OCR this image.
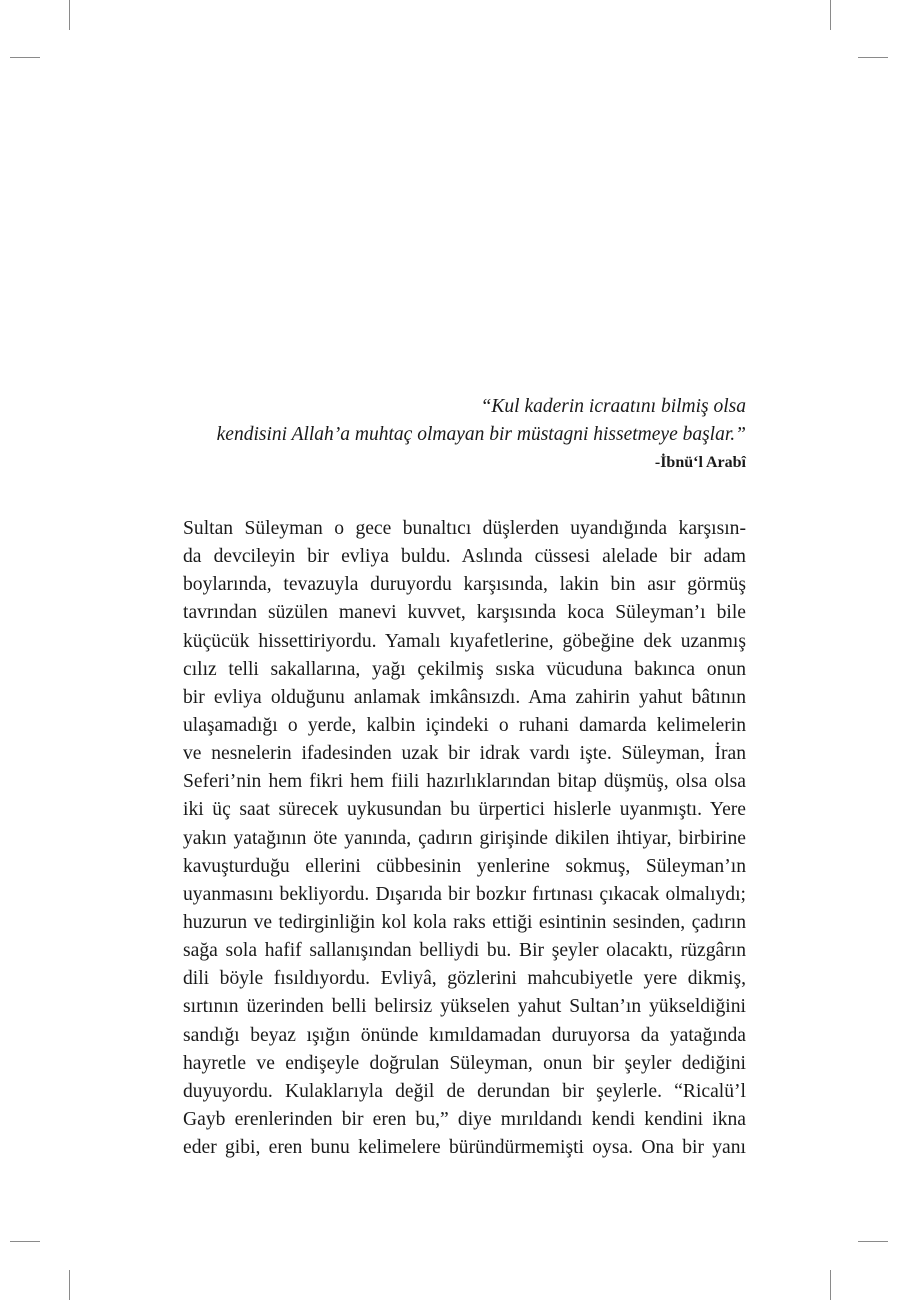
“Kul kaderin icraatını bilmiş olsa
kendisini Allah’a muhtaç olmayan bir müstagni hissetmeye başlar.”
-İbnü‘l Arabî
Sultan Süleyman o gece bunaltıcı düşlerden uyandığında karşısın-
da devcileyin bir evliya buldu. Aslında cüssesi alelade bir adam
boylarında, tevazuyla duruyordu karşısında, lakin bin asır görmüş
tavrından süzülen manevi kuvvet, karşısında koca Süleyman’ı bile
küçücük hissettiriyordu. Yamalı kıyafetlerine, göbeğine dek uzanmış
cılız telli sakallarına, yağı çekilmiş sıska vücuduna bakınca onun
bir evliya olduğunu anlamak imkânsızdı. Ama zahirin yahut bâtının
ulaşamadığı o yerde, kalbin içindeki o ruhani damarda kelimelerin
ve nesnelerin ifadesinden uzak bir idrak vardı işte. Süleyman, İran
Seferi’nin hem fikri hem fiili hazırlıklarından bitap düşmüş, olsa olsa
iki üç saat sürecek uykusundan bu ürpertici hislerle uyanmıştı. Yere
yakın yatağının öte yanında, çadırın girişinde dikilen ihtiyar, birbirine
kavuşturduğu ellerini cübbesinin yenlerine sokmuş, Süleyman’ın
uyanmasını bekliyordu. Dışarıda bir bozkır fırtınası çıkacak olmalıydı;
huzurun ve tedirginliğin kol kola raks ettiği esintinin sesinden, çadırın
sağa sola hafif sallanışından belliydi bu. Bir şeyler olacaktı, rüzgârın
dili böyle fısıldıyordu. Evliyâ, gözlerini mahcubiyetle yere dikmiş,
sırtının üzerinden belli belirsiz yükselen yahut Sultan’ın yükseldiğini
sandığı beyaz ışığın önünde kımıldamadan duruyorsa da yatağında
hayretle ve endişeyle doğrulan Süleyman, onun bir şeyler dediğini
duyuyordu. Kulaklarıyla değil de derundan bir şeylerle. “Ricalü’l
Gayb erenlerinden bir eren bu,” diye mırıldandı kendi kendini ikna
eder gibi, eren bunu kelimelere büründürmemişti oysa. Ona bir yanı
